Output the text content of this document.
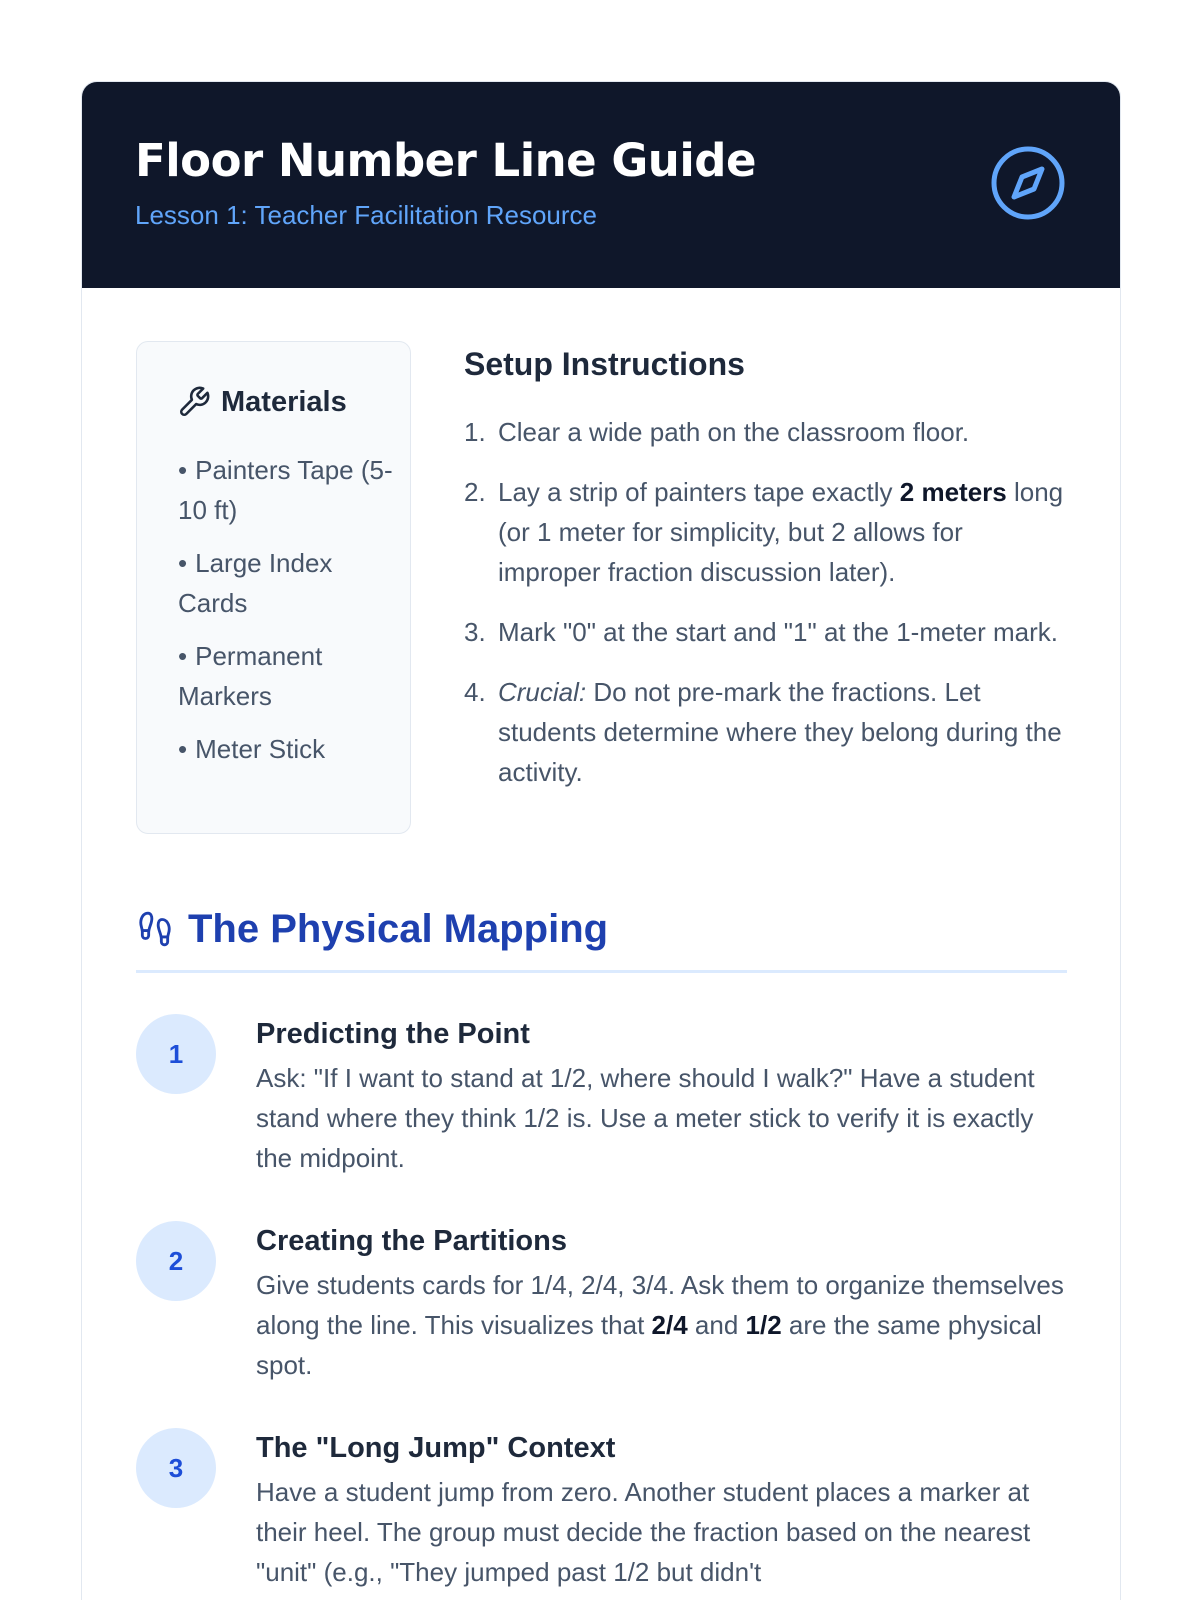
Floor Number Line Guide
Lesson 1: Teacher Facilitation Resource
Materials
• Painters Tape (5-10 ft)
• Large Index Cards
• Permanent Markers
• Meter Stick
Setup Instructions
1. Clear a wide path on the classroom floor.
2. Lay a strip of painters tape exactly 2 meters long (or 1 meter for simplicity, but 2 allows for improper fraction discussion later).
3. Mark "0" at the start and "1" at the 1-meter mark.
4. Crucial: Do not pre-mark the fractions. Let students determine where they belong during the activity.
The Physical Mapping
1
Predicting the Point
Ask: "If I want to stand at 1/2, where should I walk?" Have a student stand where they think 1/2 is. Use a meter stick to verify it is exactly the midpoint.
2
Creating the Partitions
Give students cards for 1/4, 2/4, 3/4. Ask them to organize themselves along the line. This visualizes that 2/4 and 1/2 are the same physical spot.
3
The "Long Jump" Context
Have a student jump from zero. Another student places a marker at their heel. The group must decide the fraction based on the nearest "unit" (e.g., "They jumped past 1/2 but didn't
